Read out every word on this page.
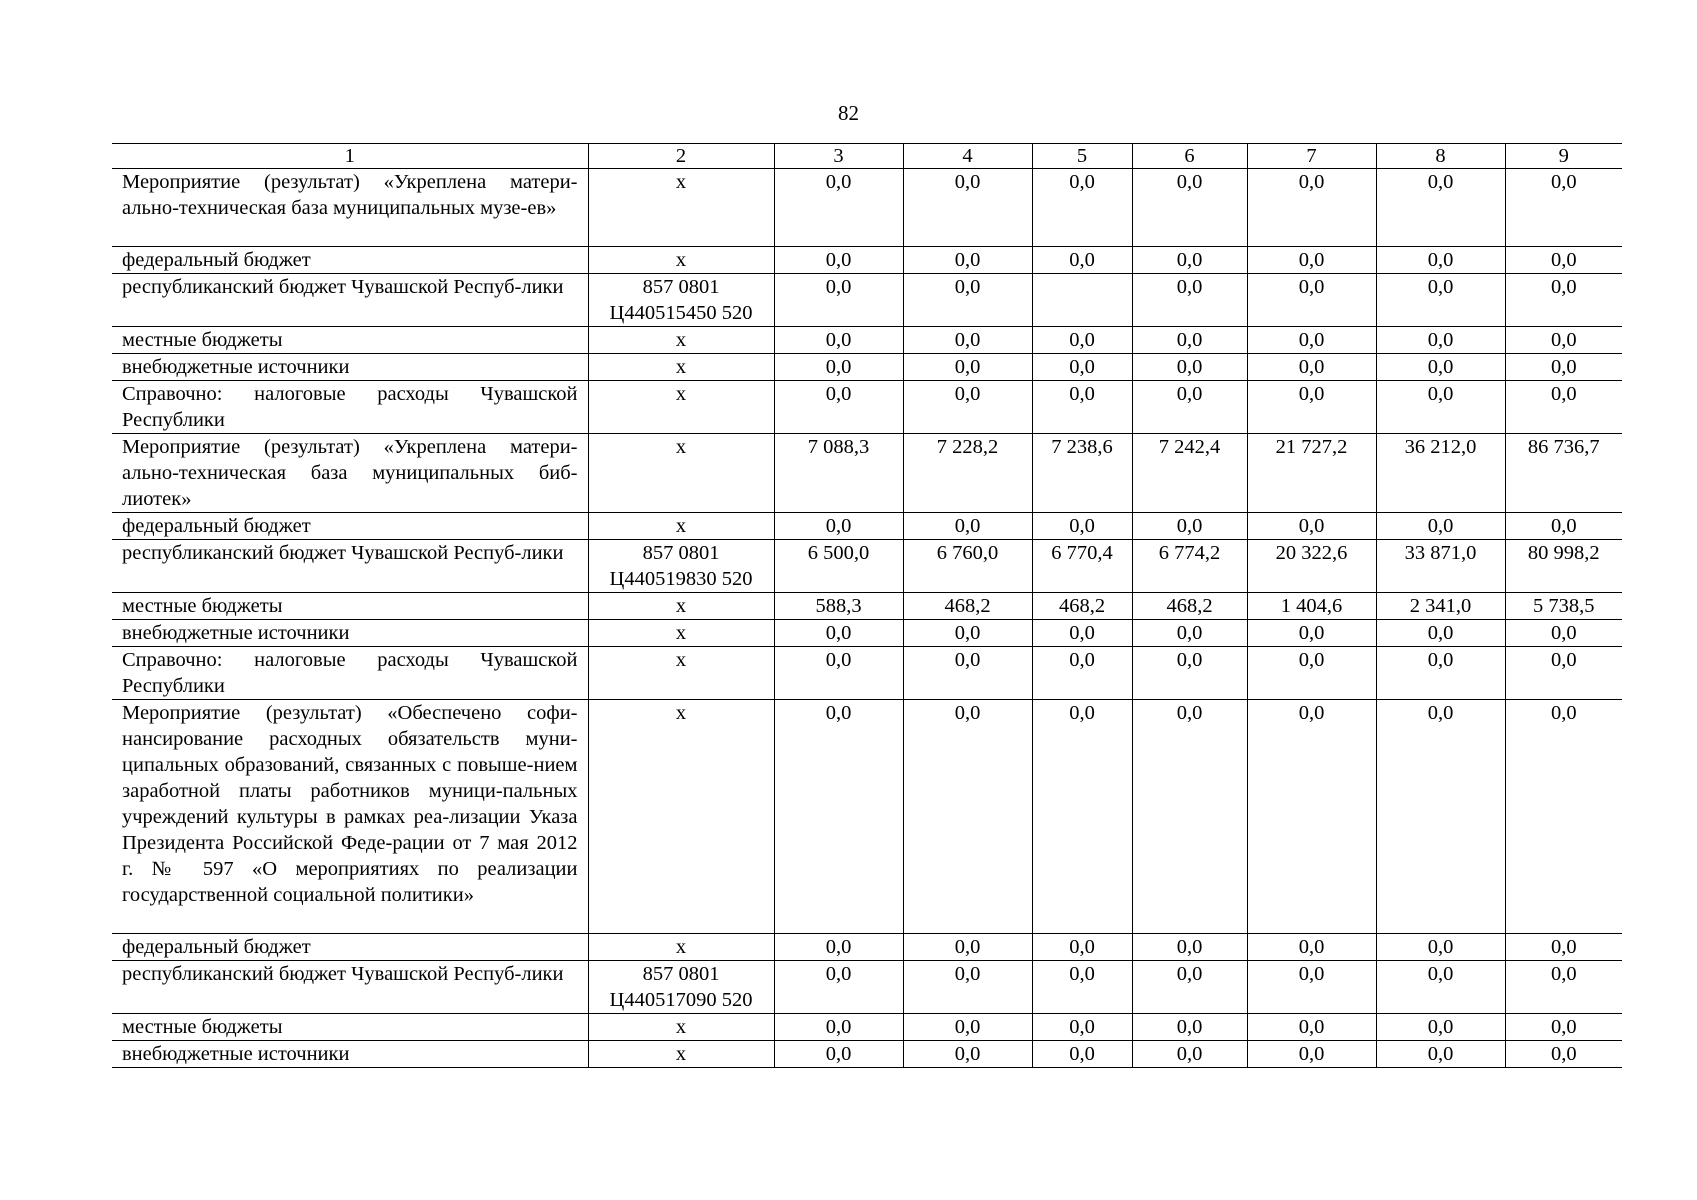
82
1	2	3	4	5	6	7	8	9
Мероприятие (результат) «Укреплена матери-ально-техническая база муниципальных музе-ев»	х	0,0	0,0	0,0	0,0	0,0	0,0	0,0
федеральный бюджет	х	0,0	0,0	0,0	0,0	0,0	0,0	0,0
республиканский бюджет Чувашской Респуб-лики	857 0801 Ц440515450 520	0,0	0,0		0,0	0,0	0,0	0,0
местные бюджеты	х	0,0	0,0	0,0	0,0	0,0	0,0	0,0
внебюджетные источники	х	0,0	0,0	0,0	0,0	0,0	0,0	0,0
Справочно: налоговые расходы Чувашской Республики	х	0,0	0,0	0,0	0,0	0,0	0,0	0,0
Мероприятие (результат) «Укреплена матери-ально-техническая база муниципальных биб-лиотек»	х	7 088,3	7 228,2	7 238,6	7 242,4	21 727,2	36 212,0	86 736,7
федеральный бюджет	х	0,0	0,0	0,0	0,0	0,0	0,0	0,0
республиканский бюджет Чувашской Респуб-лики	857 0801 Ц440519830 520	6 500,0	6 760,0	6 770,4	6 774,2	20 322,6	33 871,0	80 998,2
местные бюджеты	х	588,3	468,2	468,2	468,2	1 404,6	2 341,0	5 738,5
внебюджетные источники	х	0,0	0,0	0,0	0,0	0,0	0,0	0,0
Справочно: налоговые расходы Чувашской Республики	х	0,0	0,0	0,0	0,0	0,0	0,0	0,0
Мероприятие (результат) «Обеспечено софи-нансирование расходных обязательств муни-ципальных образований, связанных с повыше-нием заработной платы работников муници-пальных учреждений культуры в рамках реа-лизации Указа Президента Российской Феде-рации от 7 мая 2012 г. № 597 «О мероприятиях по реализации государственной социальной политики»	х	0,0	0,0	0,0	0,0	0,0	0,0	0,0
федеральный бюджет	х	0,0	0,0	0,0	0,0	0,0	0,0	0,0
республиканский бюджет Чувашской Респуб-лики	857 0801 Ц440517090 520	0,0	0,0	0,0	0,0	0,0	0,0	0,0
местные бюджеты	х	0,0	0,0	0,0	0,0	0,0	0,0	0,0
внебюджетные источники	х	0,0	0,0	0,0	0,0	0,0	0,0	0,0
